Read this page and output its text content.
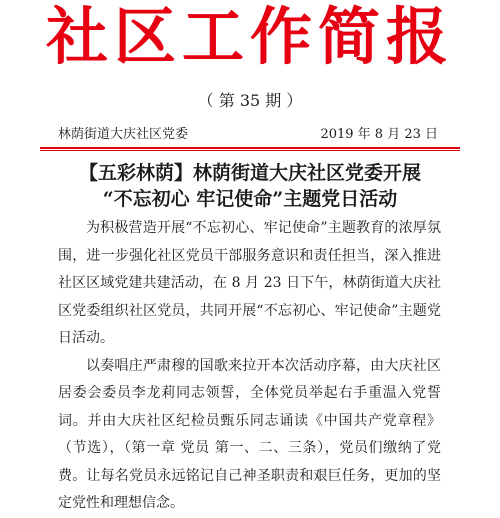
社区工作简报
（ 第 35 期 ）
林荫街道大庆社区党委	2019 年 8 月 23 日
【五彩林荫】林荫街道大庆社区党委开展
“不忘初心 牢记使命”主题党日活动

为积极营造开展“不忘初心、牢记使命”主题教育的浓厚氛围，进一步强化社区党员干部服务意识和责任担当，深入推进社区区域党建共建活动，在 8 月 23 日下午，林荫街道大庆社区党委组织社区党员，共同开展“不忘初心、牢记使命”主题党日活动。

以奏唱庄严肃穆的国歌来拉开本次活动序幕，由大庆社区居委会委员李龙莉同志领誓，全体党员举起右手重温入党誓词。并由大庆社区纪检员甄乐同志诵读《中国共产党章程》（节选），（第一章 党员 第一、二、三条），党员们缴纳了党费。让每名党员永远铭记自己神圣职责和艰巨任务，更加的坚定党性和理想信念。
